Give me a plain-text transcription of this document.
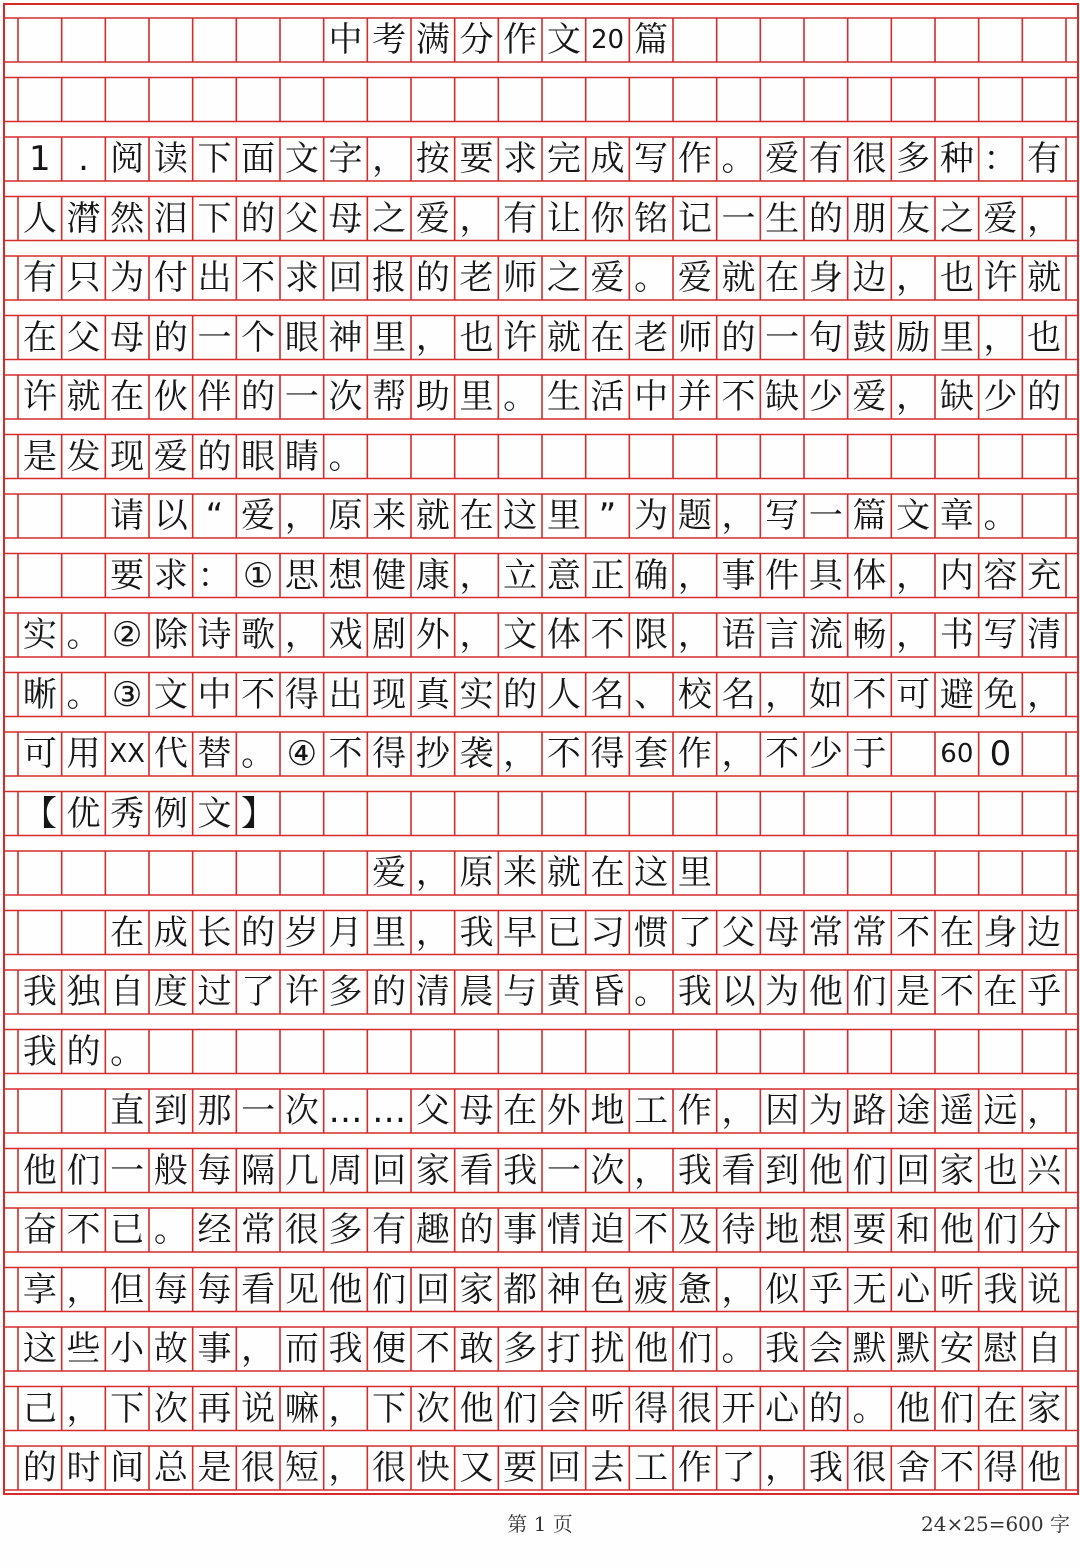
中 考 满 分 作 文 20 篇
1 . 阅 读 下 面 文 字 ， 按 要 求 完 成 写 作 。 爱 有 很 多 种 ： 有
人 潸 然 泪 下 的 父 母 之 爱 ， 有 让 你 铭 记 一 生 的 朋 友 之 爱 ，
有 只 为 付 出 不 求 回 报 的 老 师 之 爱 。 爱 就 在 身 边 ， 也 许 就
在 父 母 的 一 个 眼 神 里 ， 也 许 就 在 老 师 的 一 句 鼓 励 里 ， 也
许 就 在 伙 伴 的 一 次 帮 助 里 。 生 活 中 并 不 缺 少 爱 ， 缺 少 的
是 发 现 爱 的 眼 睛 。
请 以 “ 爱 ， 原 来 就 在 这 里 ” 为 题 ， 写 一 篇 文 章 。
要 求 ： ① 思 想 健 康 ， 立 意 正 确 ， 事 件 具 体 ， 内 容 充
实 。 ② 除 诗 歌 ， 戏 剧 外 ， 文 体 不 限 ， 语 言 流 畅 ， 书 写 清
晰 。 ③ 文 中 不 得 出 现 真 实 的 人 名 、 校 名 ， 如 不 可 避 免 ，
可 用 XX 代 替 。 ④ 不 得 抄 袭 ， 不 得 套 作 ， 不 少 于 60 0
【 优 秀 例 文 】
爱 ， 原 来 就 在 这 里
在 成 长 的 岁 月 里 ， 我 早 已 习 惯 了 父 母 常 常 不 在 身 边
我 独 自 度 过 了 许 多 的 清 晨 与 黄 昏 。 我 以 为 他 们 是 不 在 乎
我 的 。
直 到 那 一 次 … … 父 母 在 外 地 工 作 ， 因 为 路 途 遥 远 ，
他 们 一 般 每 隔 几 周 回 家 看 我 一 次 ， 我 看 到 他 们 回 家 也 兴
奋 不 已 。 经 常 很 多 有 趣 的 事 情 迫 不 及 待 地 想 要 和 他 们 分
享 ， 但 每 每 看 见 他 们 回 家 都 神 色 疲 惫 ， 似 乎 无 心 听 我 说
这 些 小 故 事 ， 而 我 便 不 敢 多 打 扰 他 们 。 我 会 默 默 安 慰 自
己 ， 下 次 再 说 嘛 ， 下 次 他 们 会 听 得 很 开 心 的 。 他 们 在 家
的 时 间 总 是 很 短 ， 很 快 又 要 回 去 工 作 了 ， 我 很 舍 不 得 他
第 1 页	24×25=600 字
